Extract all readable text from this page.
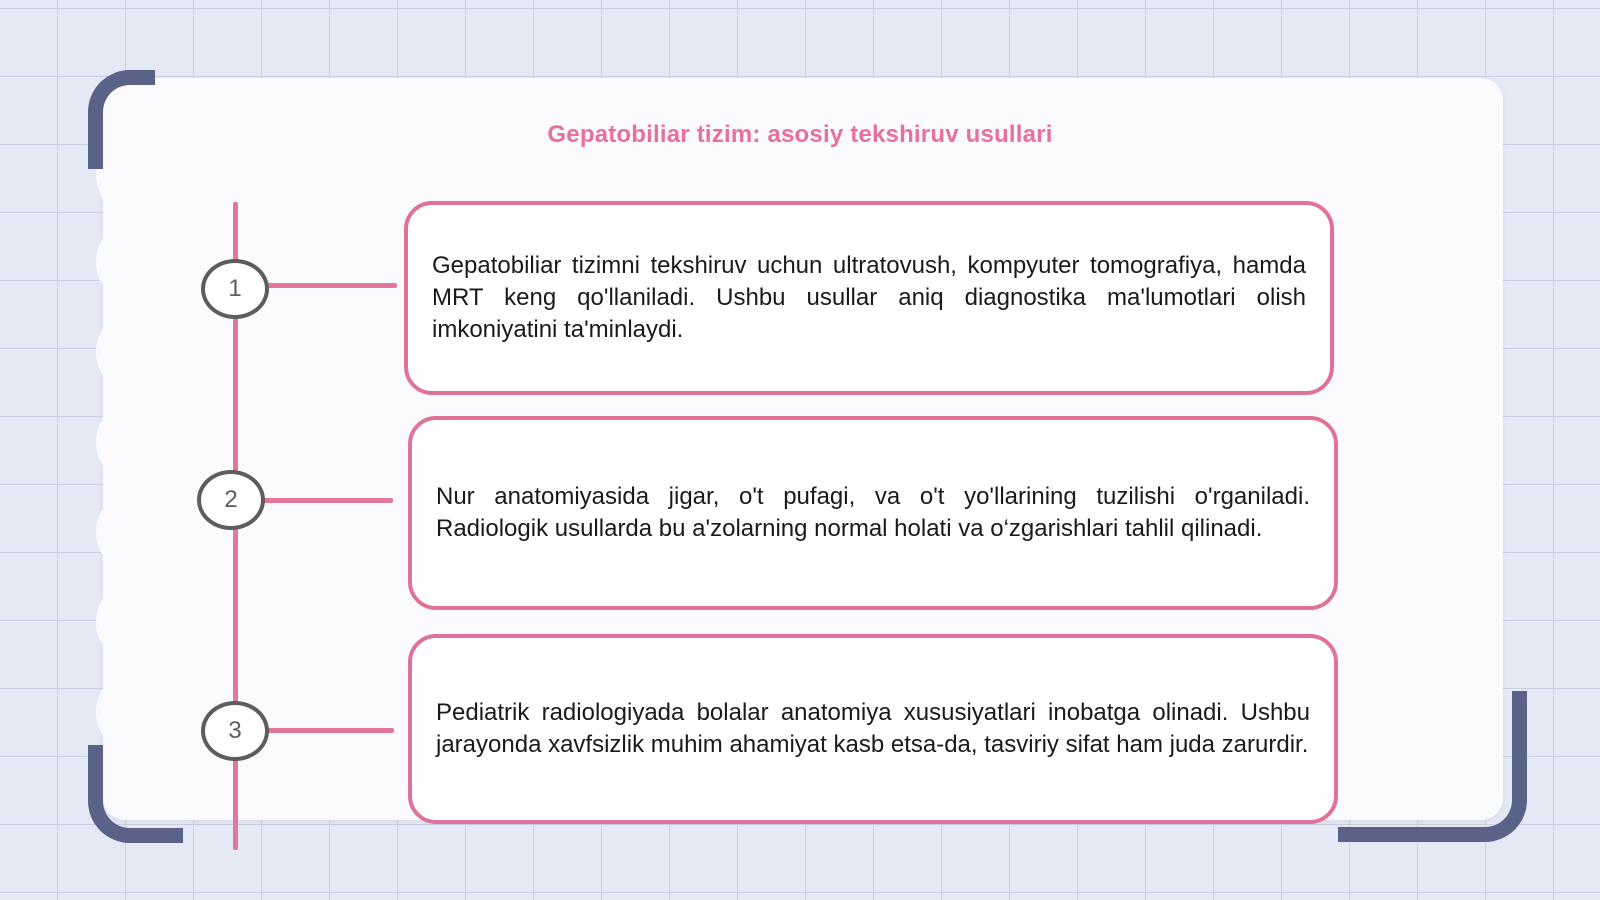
Gepatobiliar tizim: asosiy tekshiruv usullari
1
2
3

Gepatobiliar tizimni tekshiruv uchun ultratovush, kompyuter tomografiya, hamda MRT keng qo'llaniladi. Ushbu usullar aniq diagnostika ma'lumotlari olish imkoniyatini ta'minlaydi.

Nur anatomiyasida jigar, o't pufagi, va o't yo'llarining tuzilishi o'rganiladi. Radiologik usullarda bu a'zolarning normal holati va o‘zgarishlari tahlil qilinadi.

Pediatrik radiologiyada bolalar anatomiya xususiyatlari inobatga olinadi. Ushbu jarayonda xavfsizlik muhim ahamiyat kasb etsa-da, tasviriy sifat ham juda zarurdir.
